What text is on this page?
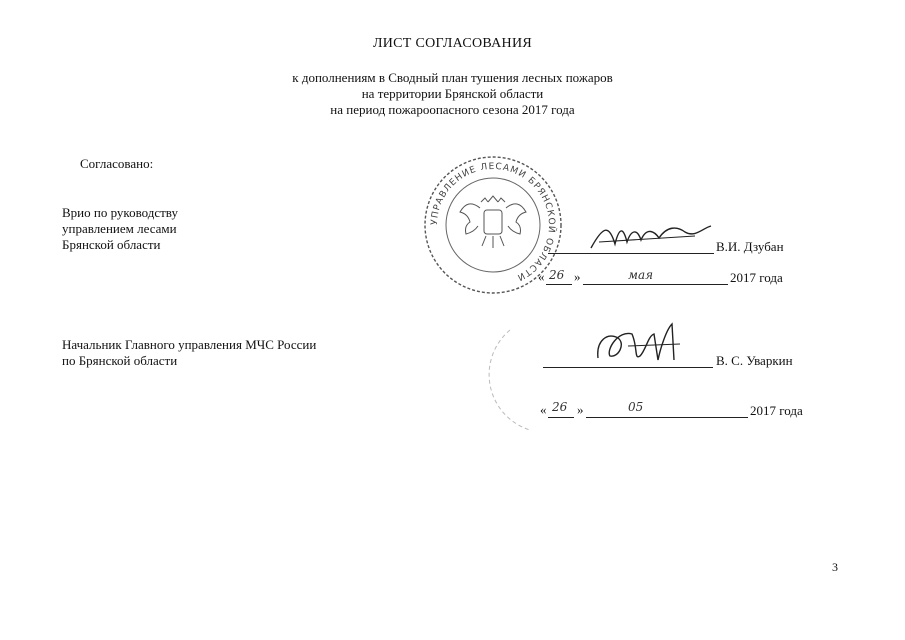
ЛИСТ СОГЛАСОВАНИЯ
к дополнениям в Сводный план тушения лесных пожаров
на территории Брянской области
на период пожароопасного сезона 2017 года
Согласовано:
Врио по руководству
управлением лесами
Брянской области
УПРАВЛЕНИЕ ЛЕСАМИ БРЯНСКОЙ ОБЛАСТИ
В.И. Дзубан
« 26 »	мая	2017 года
Начальник Главного управления МЧС России
по Брянской области	В. С. Уваркин
« 26 »	05	2017 года
3
